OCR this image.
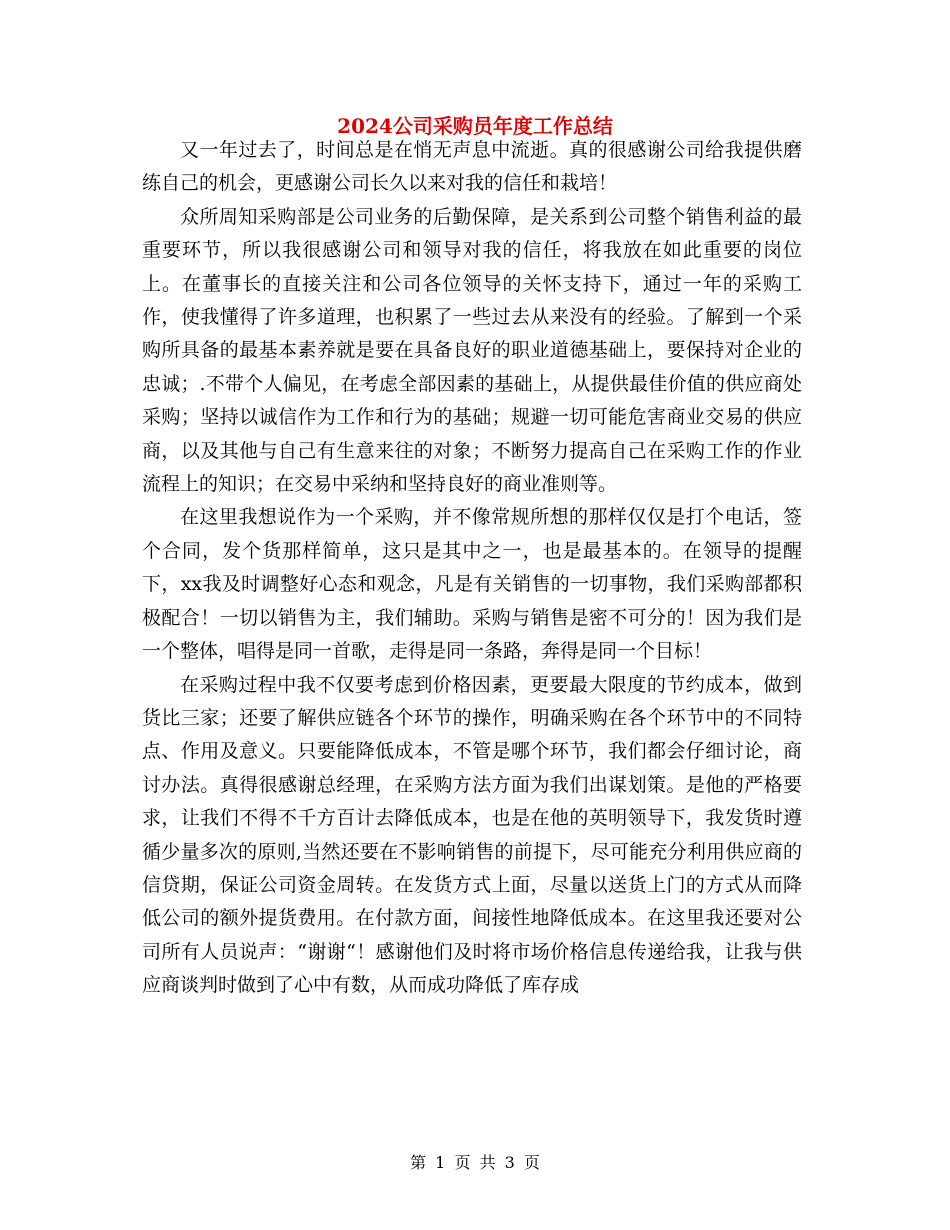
2024公司采购员年度工作总结

又一年过去了，时间总是在悄无声息中流逝。真的很感谢公司给我提供磨练自己的机会，更感谢公司长久以来对我的信任和栽培！

众所周知采购部是公司业务的后勤保障，是关系到公司整个销售利益的最重要环节，所以我很感谢公司和领导对我的信任，将我放在如此重要的岗位上。在董事长的直接关注和公司各位领导的关怀支持下，通过一年的采购工作，使我懂得了许多道理，也积累了一些过去从来没有的经验。了解到一个采购所具备的最基本素养就是要在具备良好的职业道德基础上，要保持对企业的忠诚；.不带个人偏见，在考虑全部因素的基础上，从提供最佳价值的供应商处采购；坚持以诚信作为工作和行为的基础；规避一切可能危害商业交易的供应商，以及其他与自己有生意来往的对象；不断努力提高自己在采购工作的作业流程上的知识；在交易中采纳和坚持良好的商业准则等。

在这里我想说作为一个采购，并不像常规所想的那样仅仅是打个电话，签个合同，发个货那样简单，这只是其中之一，也是最基本的。在领导的提醒下，xx我及时调整好心态和观念，凡是有关销售的一切事物，我们采购部都积极配合！一切以销售为主，我们辅助。采购与销售是密不可分的！因为我们是一个整体，唱得是同一首歌，走得是同一条路，奔得是同一个目标！

在采购过程中我不仅要考虑到价格因素，更要最大限度的节约成本，做到货比三家；还要了解供应链各个环节的操作，明确采购在各个环节中的不同特点、作用及意义。只要能降低成本，不管是哪个环节，我们都会仔细讨论，商讨办法。真得很感谢总经理，在采购方法方面为我们出谋划策。是他的严格要求，让我们不得不千方百计去降低成本，也是在他的英明领导下，我发货时遵循少量多次的原则,当然还要在不影响销售的前提下，尽可能充分利用供应商的信贷期，保证公司资金周转。在发货方式上面，尽量以送货上门的方式从而降低公司的额外提货费用。在付款方面，间接性地降低成本。在这里我还要对公司所有人员说声：“谢谢“！感谢他们及时将市场价格信息传递给我，让我与供应商谈判时做到了心中有数，从而成功降低了库存成

第 1 页 共 3 页
